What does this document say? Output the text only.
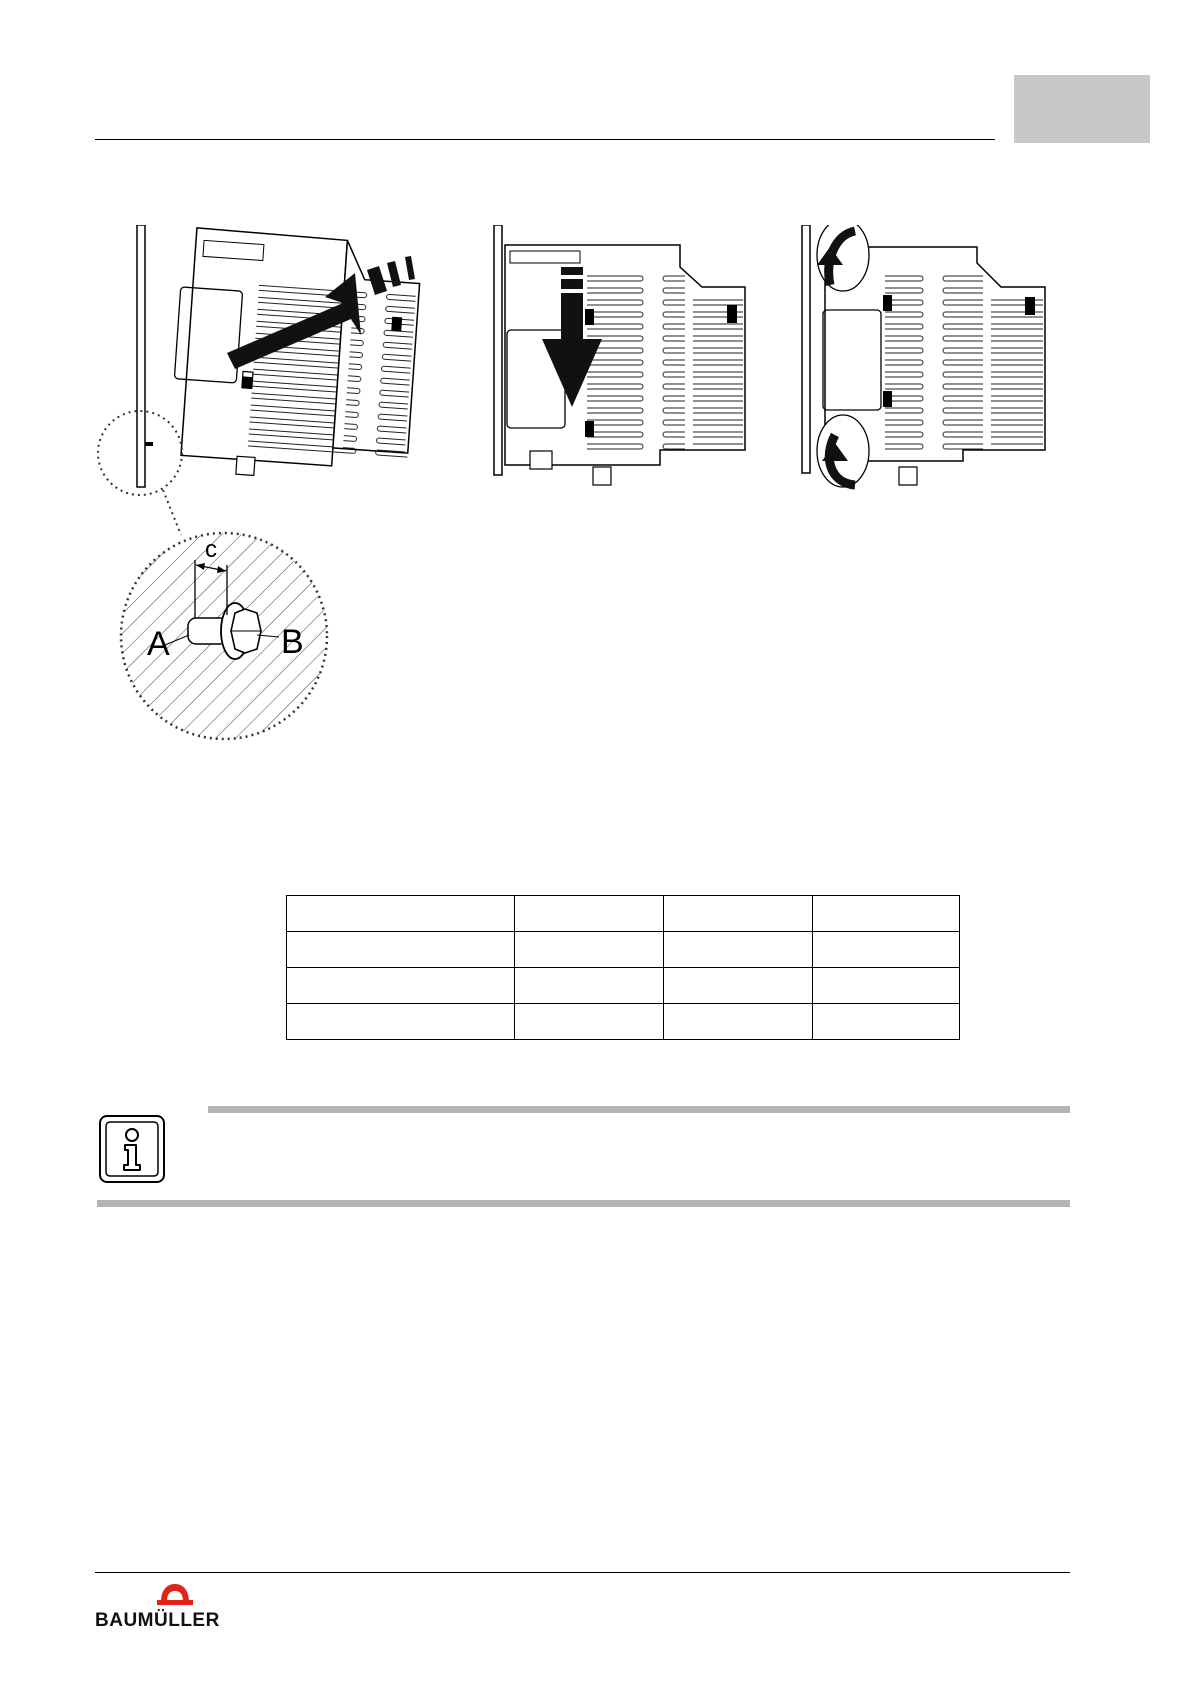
c
A	B

BAUMÜLLER
